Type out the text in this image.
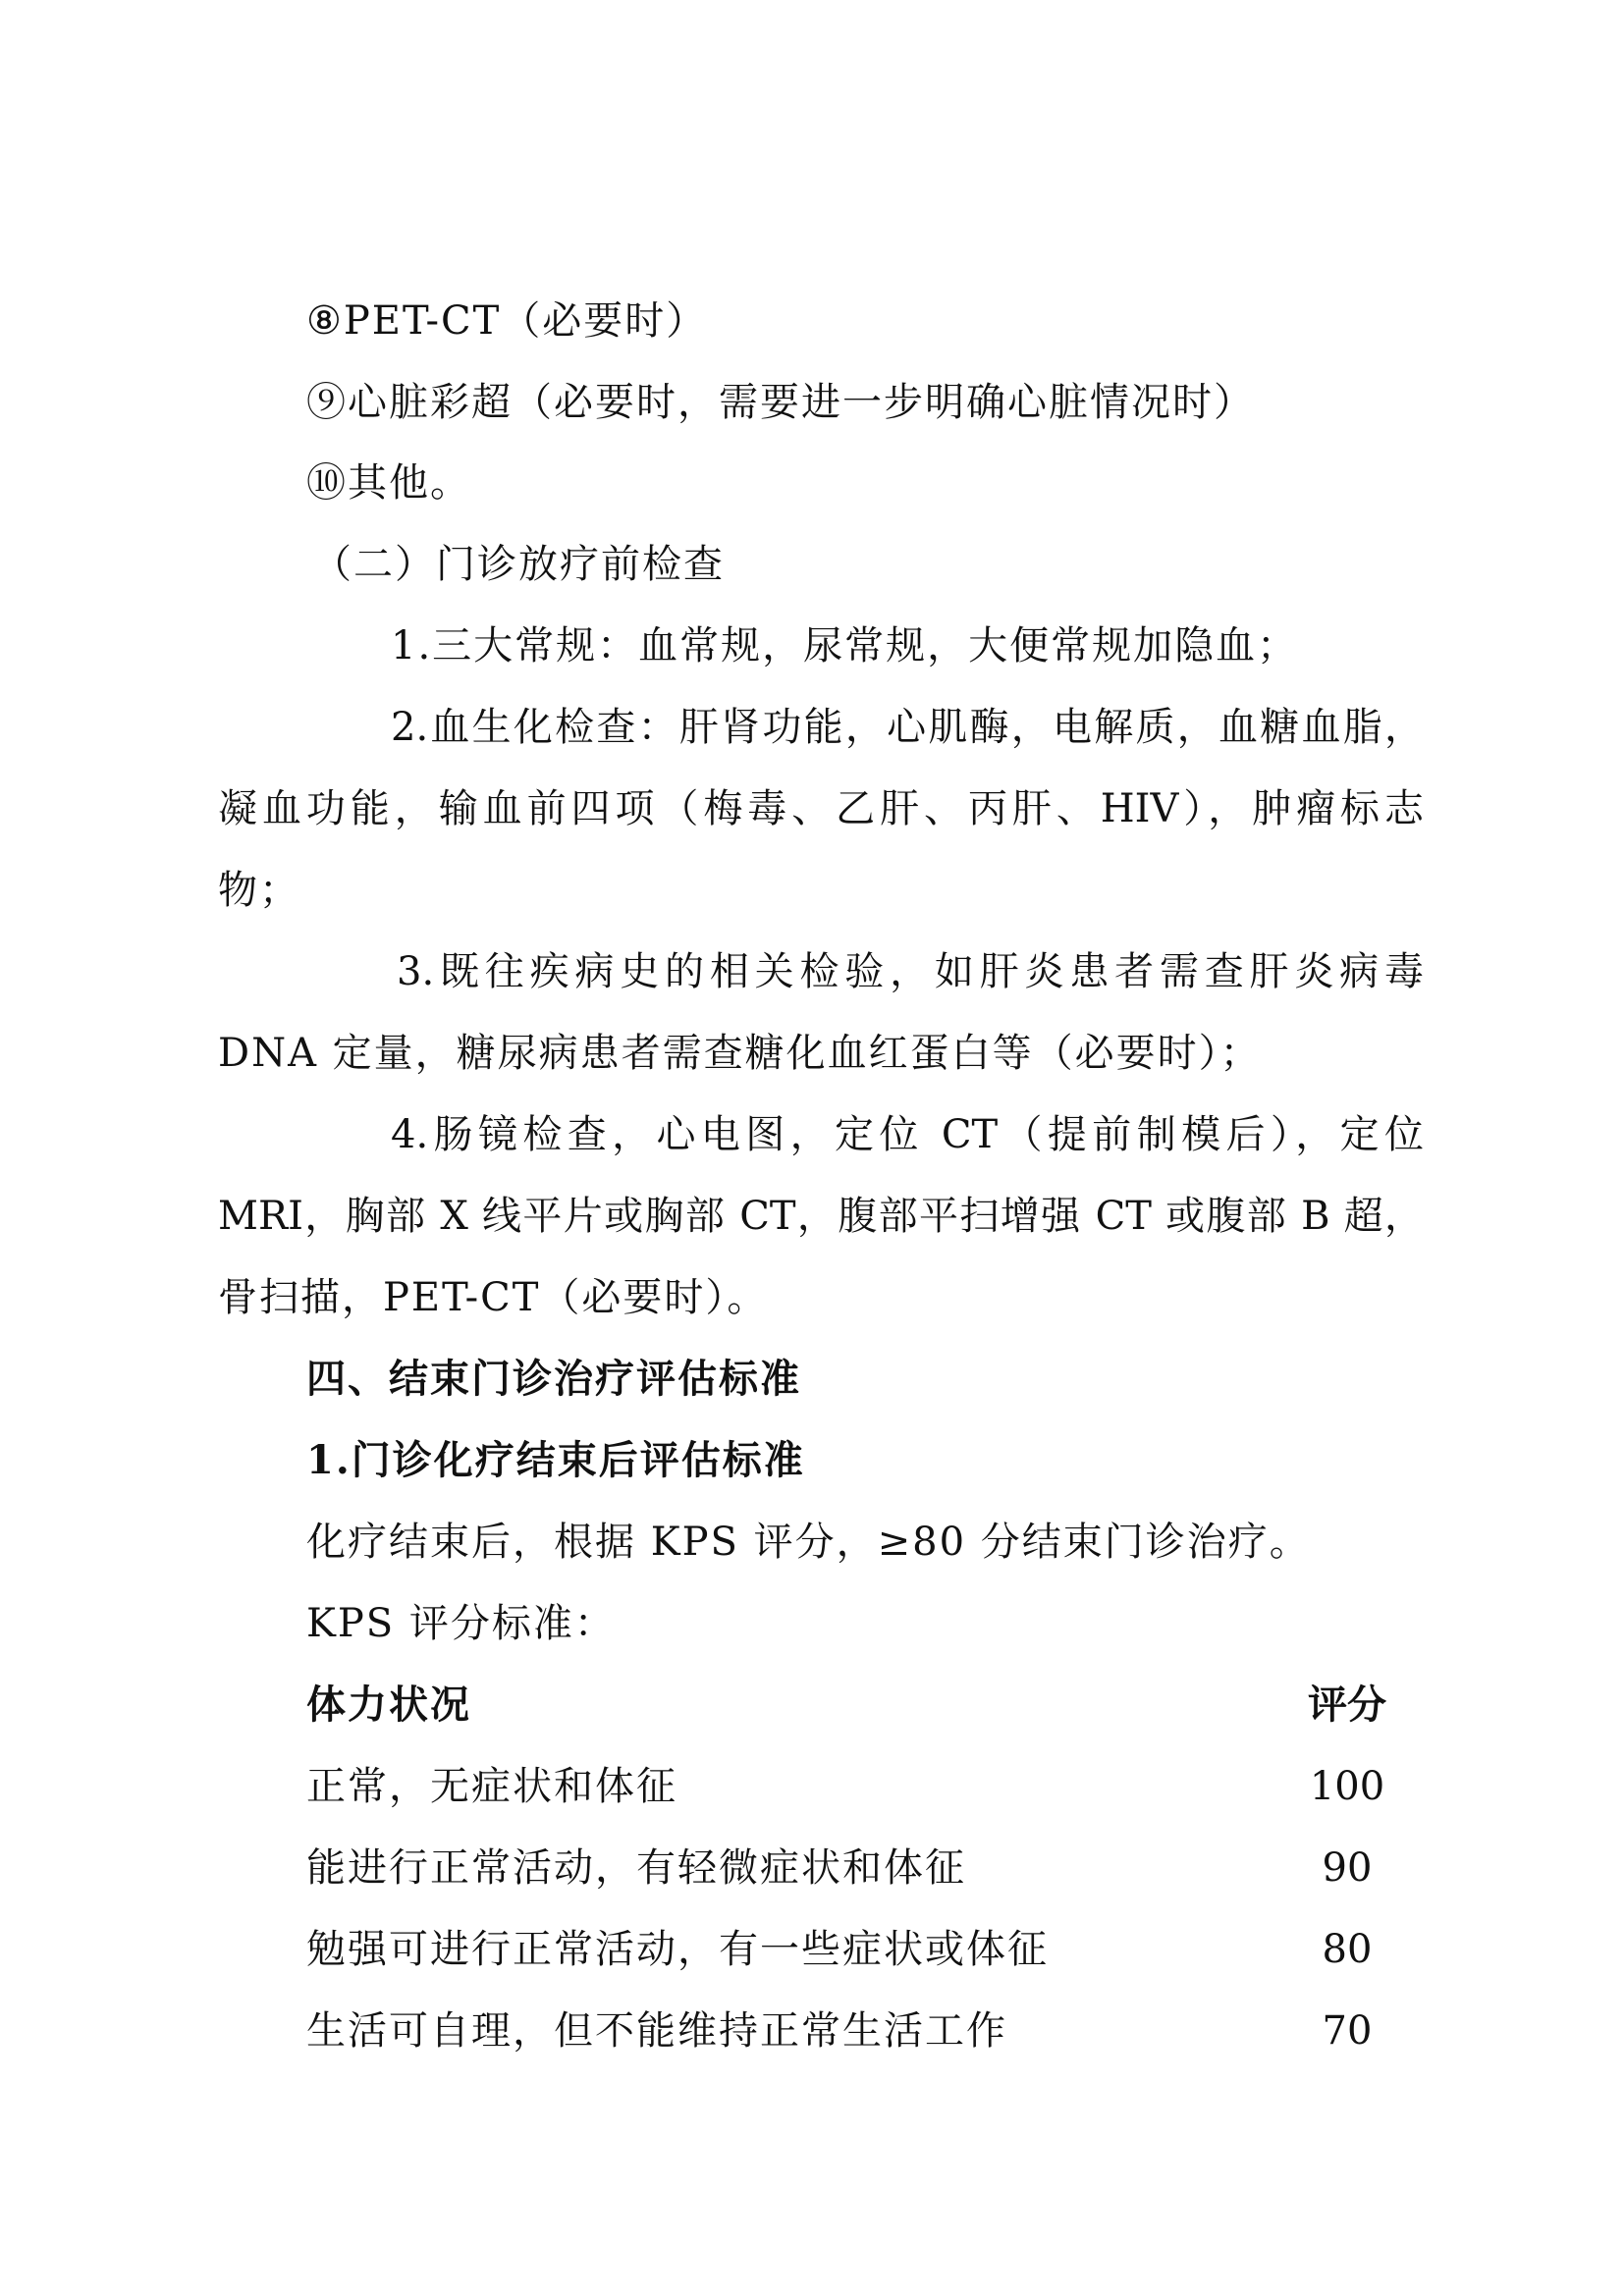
⑧PET-CT（必要时）
⑨心脏彩超（必要时，需要进一步明确心脏情况时）
⑩其他。
（二）门诊放疗前检查
1.三大常规：血常规，尿常规，大便常规加隐血；
2.血生化检查：肝肾功能，心肌酶，电解质，血糖血脂，
凝血功能，输血前四项（梅毒、乙肝、丙肝、HIV），肿瘤标志
物；
3.既往疾病史的相关检验，如肝炎患者需查肝炎病毒
DNA 定量，糖尿病患者需查糖化血红蛋白等（必要时）；
4.肠镜检查，心电图，定位 CT（提前制模后），定位
MRI，胸部 X 线平片或胸部 CT，腹部平扫增强 CT 或腹部 B 超，
骨扫描，PET-CT（必要时）。
四、结束门诊治疗评估标准
1.门诊化疗结束后评估标准
化疗结束后，根据 KPS 评分，≥80 分结束门诊治疗。
KPS 评分标准：
体力状况	评分
正常，无症状和体征	100
能进行正常活动，有轻微症状和体征	90
勉强可进行正常活动，有一些症状或体征	80
生活可自理，但不能维持正常生活工作	70
